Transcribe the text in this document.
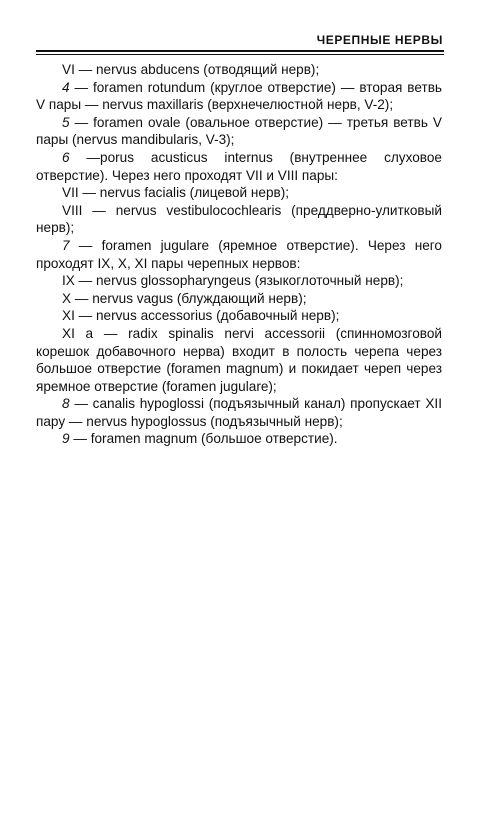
ЧЕРЕПНЫЕ НЕРВЫ

VI — nervus abducens (отводящий нерв);

4 — foramen rotundum (круглое отверстие) — вторая ветвь V пары — nervus maxillaris (верхнечелюстной нерв, V-2);

5 — foramen ovale (овальное отверстие) — третья ветвь V пары (nervus mandibularis, V-3);

6 —porus acusticus internus (внутреннее слуховое отверстие). Через него проходят VII и VIII пары:

VII — nervus facialis (лицевой нерв);

VIII — nervus vestibulocochlearis (преддверно-улитковый нерв);

7 — foramen jugulare (яремное отверстие). Через него проходят IX, X, XI пары черепных нервов:

IX — nervus glossopharyngeus (языкоглоточный нерв);

X — nervus vagus (блуждающий нерв);

XI — nervus accessorius (добавочный нерв);

XI a — radix spinalis nervi accessorii (спинномозговой корешок добавочного нерва) входит в полость черепа через большое отверстие (foramen magnum) и покидает череп через яремное отверстие (foramen jugulare);

8 — canalis hypoglossi (подъязычный канал) пропускает XII пару — nervus hypoglossus (подъязычный нерв);

9 — foramen magnum (большое отверстие).
